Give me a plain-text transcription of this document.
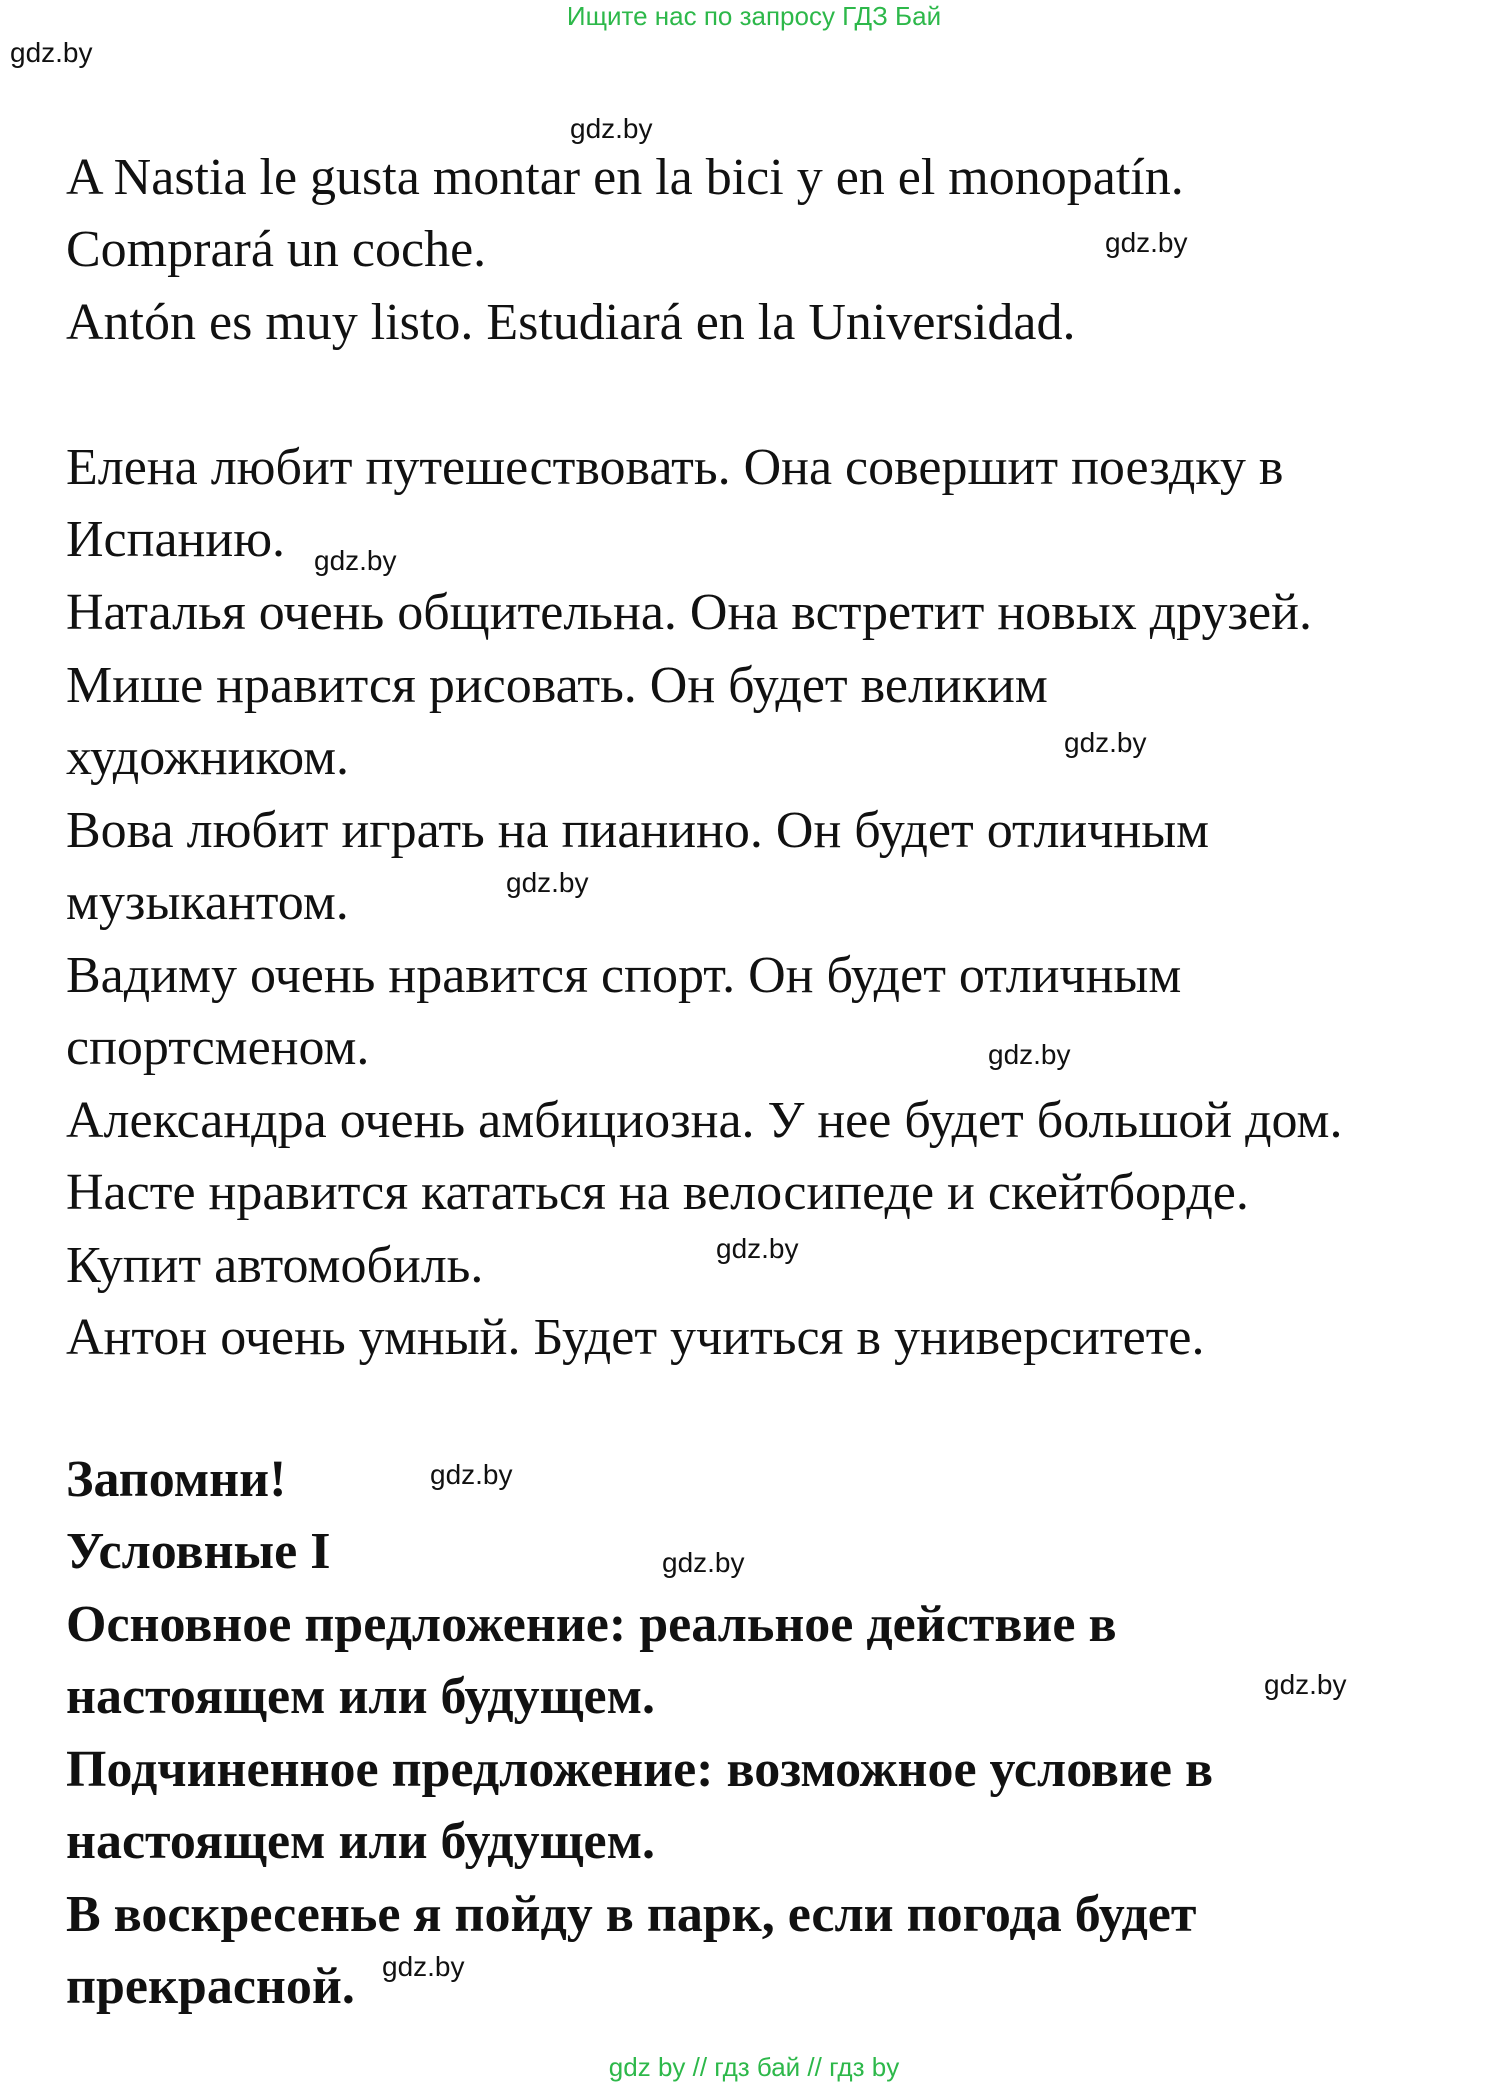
Ищите нас по запросу ГДЗ Бай
gdz.by
gdz.by
gdz.by
gdz.by
gdz.by
gdz.by
gdz.by
gdz.by
gdz.by
gdz.by
gdz.by
gdz.by
A Nastia le gusta montar en la bici y en el monopatín.
Comprará un coche.
Antón es muy listo. Estudiará en la Universidad.
Елена любит путешествовать. Она совершит поездку в
Испанию.
Наталья очень общительна. Она встретит новых друзей.
Мише нравится рисовать. Он будет великим
художником.
Вова любит играть на пианино. Он будет отличным
музыкантом.
Вадиму очень нравится спорт. Он будет отличным
спортсменом.
Александра очень амбициозна. У нее будет большой дом.
Насте нравится кататься на велосипеде и скейтборде.
Купит автомобиль.
Антон очень умный. Будет учиться в университете.
Запомни!
Условные I
Основное предложение: реальное действие в
настоящем или будущем.
Подчиненное предложение: возможное условие в
настоящем или будущем.
В воскресенье я пойду в парк, если погода будет
прекрасной.
gdz by // гдз бай // гдз by
